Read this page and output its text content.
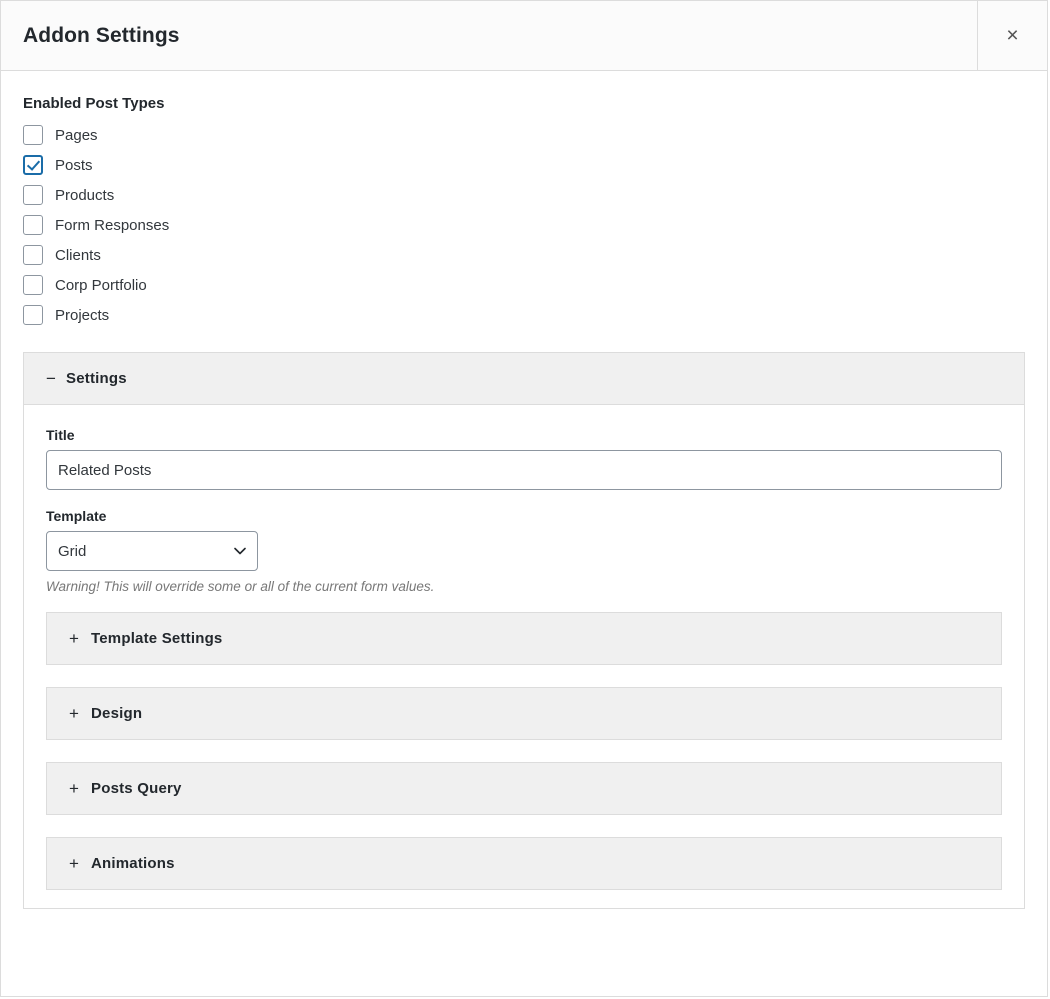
Addon Settings	×
Enabled Post Types
Pages
Posts
Products
Form Responses
Clients
Corp Portfolio
Projects
− Settings
Title
Related Posts
Template
Grid
Warning! This will override some or all of the current form values.
+ Template Settings
+ Design
+ Posts Query
+ Animations
